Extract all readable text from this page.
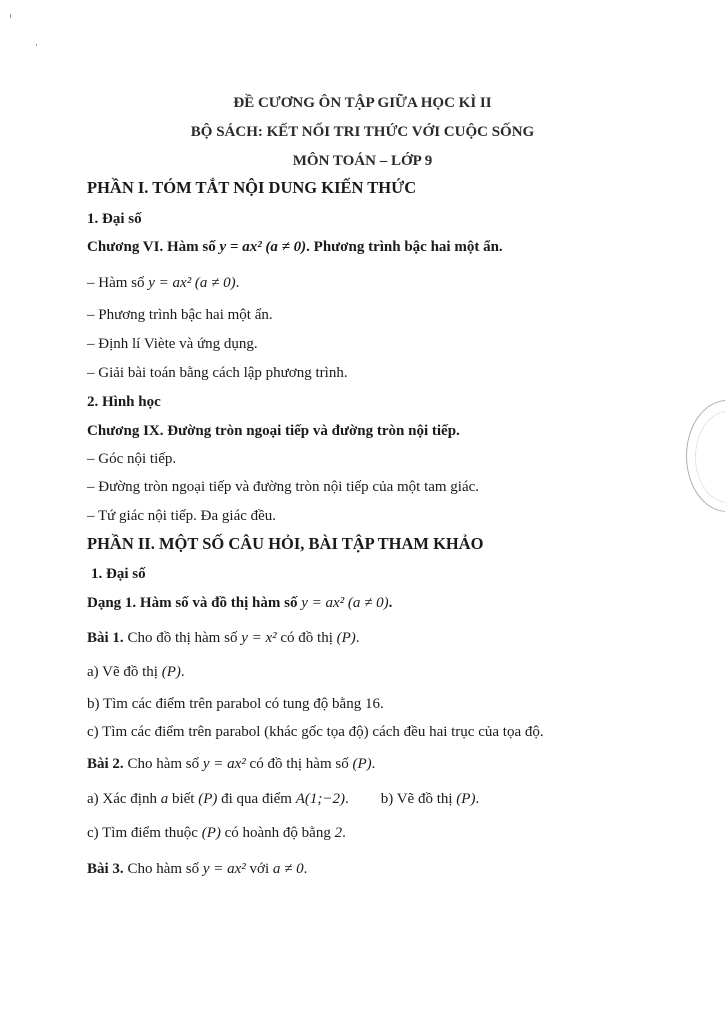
ĐỀ CƯƠNG ÔN TẬP GIỮA HỌC KÌ II
BỘ SÁCH: KẾT NỐI TRI THỨC VỚI CUỘC SỐNG
MÔN TOÁN – LỚP 9
PHẦN I. TÓM TẮT NỘI DUNG KIẾN THỨC
1. Đại số
Chương VI. Hàm số y = ax² (a ≠ 0). Phương trình bậc hai một ẩn.
– Hàm số y = ax² (a ≠ 0).
– Phương trình bậc hai một ẩn.
– Định lí Viète và ứng dụng.
– Giải bài toán bằng cách lập phương trình.
2. Hình học
Chương IX. Đường tròn ngoại tiếp và đường tròn nội tiếp.
– Góc nội tiếp.
– Đường tròn ngoại tiếp và đường tròn nội tiếp của một tam giác.
– Tứ giác nội tiếp. Đa giác đều.
PHẦN II. MỘT SỐ CÂU HỎI, BÀI TẬP THAM KHẢO
1. Đại số
Dạng 1. Hàm số và đồ thị hàm số y = ax² (a ≠ 0).
Bài 1. Cho đồ thị hàm số y = x² có đồ thị (P).
a) Vẽ đồ thị (P).
b) Tìm các điểm trên parabol có tung độ bằng 16.
c) Tìm các điểm trên parabol (khác gốc tọa độ) cách đều hai trục của tọa độ.
Bài 2. Cho hàm số y = ax² có đồ thị hàm số (P).
a) Xác định a biết (P) đi qua điểm A(1;−2). b) Vẽ đồ thị (P).
c) Tìm điểm thuộc (P) có hoành độ bằng 2.
Bài 3. Cho hàm số y = ax² với a ≠ 0.
